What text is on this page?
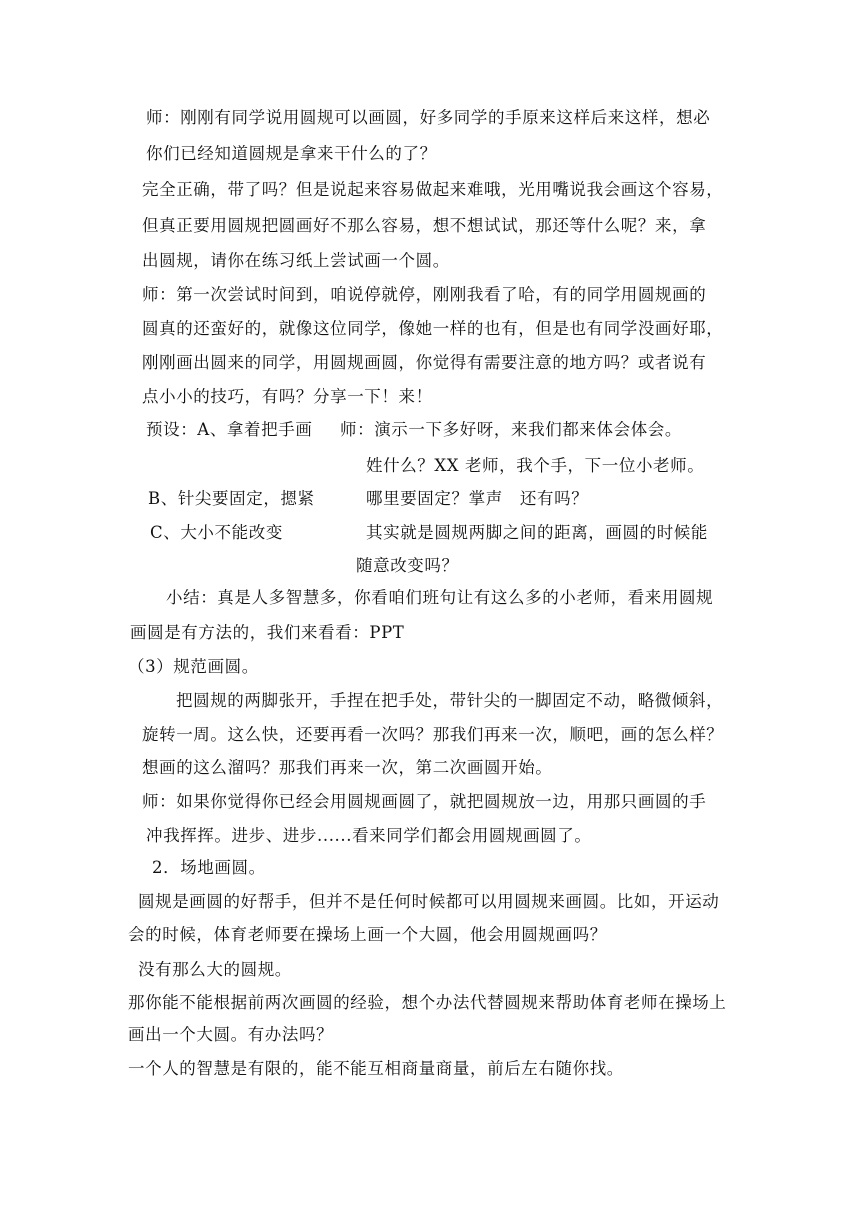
师：刚刚有同学说用圆规可以画圆，好多同学的手原来这样后来这样，想必
你们已经知道圆规是拿来干什么的了？
完全正确，带了吗？但是说起来容易做起来难哦，光用嘴说我会画这个容易，
但真正要用圆规把圆画好不那么容易，想不想试试，那还等什么呢？来，拿
出圆规，请你在练习纸上尝试画一个圆。
师：第一次尝试时间到，咱说停就停，刚刚我看了哈，有的同学用圆规画的
圆真的还蛮好的，就像这位同学，像她一样的也有，但是也有同学没画好耶，
刚刚画出圆来的同学，用圆规画圆，你觉得有需要注意的地方吗？或者说有
点小小的技巧，有吗？分享一下！来！
预设：A、拿着把手画 师：演示一下多好呀，来我们都来体会体会。
姓什么？XX 老师，我个手，下一位小老师。
B、针尖要固定，摁紧	哪里要固定？掌声　还有吗？
C、大小不能改变	其实就是圆规两脚之间的距离，画圆的时候能
随意改变吗？
小结：真是人多智慧多，你看咱们班句让有这么多的小老师，看来用圆规
画圆是有方法的，我们来看看：PPT
（3）规范画圆。
把圆规的两脚张开，手捏在把手处，带针尖的一脚固定不动，略微倾斜，
旋转一周。这么快，还要再看一次吗？那我们再来一次，顺吧，画的怎么样？
想画的这么溜吗？那我们再来一次，第二次画圆开始。
师：如果你觉得你已经会用圆规画圆了，就把圆规放一边，用那只画圆的手
冲我挥挥。进步、进步......看来同学们都会用圆规画圆了。
2．场地画圆。
圆规是画圆的好帮手，但并不是任何时候都可以用圆规来画圆。比如，开运动
会的时候，体育老师要在操场上画一个大圆，他会用圆规画吗？
没有那么大的圆规。
那你能不能根据前两次画圆的经验，想个办法代替圆规来帮助体育老师在操场上
画出一个大圆。有办法吗？
一个人的智慧是有限的，能不能互相商量商量，前后左右随你找。
